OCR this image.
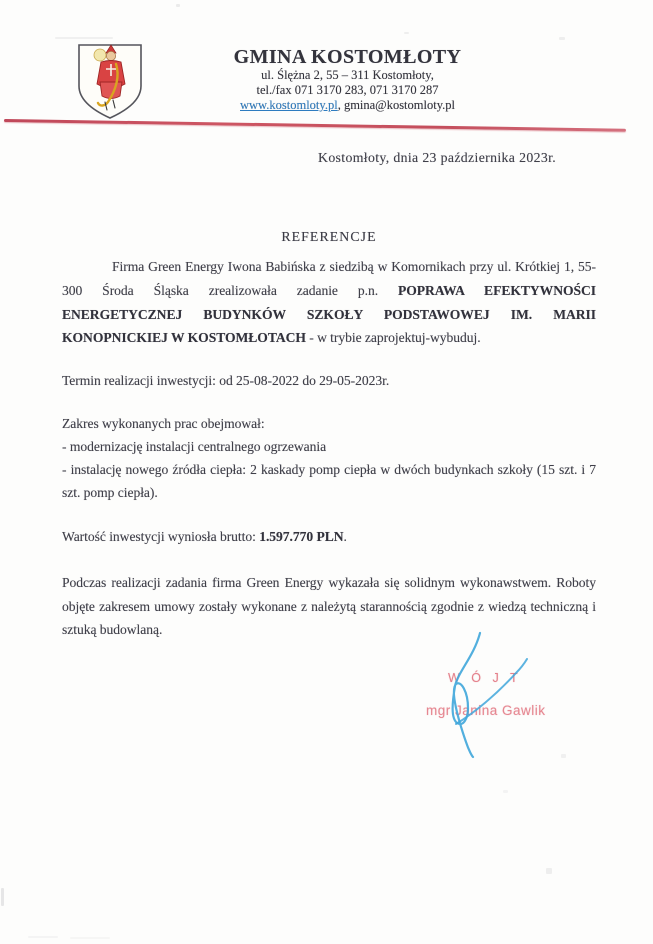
GMINA KOSTOMŁOTY
ul. Ślężna 2, 55 – 311 Kostomłoty,
tel./fax 071 3170 283, 071 3170 287
www.kostomloty.pl, gmina@kostomloty.pl
Kostomłoty, dnia 23 października 2023r.
REFERENCJE

Firma Green Energy Iwona Babińska z siedzibą w Komornikach przy ul. Krótkiej 1, 55-300 Środa Śląska zrealizowała zadanie p.n. POPRAWA EFEKTYWNOŚCI ENERGETYCZNEJ BUDYNKÓW SZKOŁY PODSTAWOWEJ IM. MARII KONOPNICKIEJ W KOSTOMŁOTACH - w trybie zaprojektuj-wybuduj.

Termin realizacji inwestycji: od 25-08-2022 do 29-05-2023r.

Zakres wykonanych prac obejmował:

- modernizację instalacji centralnego ogrzewania

- instalację nowego źródła ciepła: 2 kaskady pomp ciepła w dwóch budynkach szkoły (15 szt. i 7 szt. pomp ciepła).

Wartość inwestycji wyniosła brutto: 1.597.770 PLN.

Podczas realizacji zadania firma Green Energy wykazała się solidnym wykonawstwem. Roboty objęte zakresem umowy zostały wykonane z należytą starannością zgodnie z wiedzą techniczną i sztuką budowlaną.

W Ó J T
mgr Janina Gawlik
